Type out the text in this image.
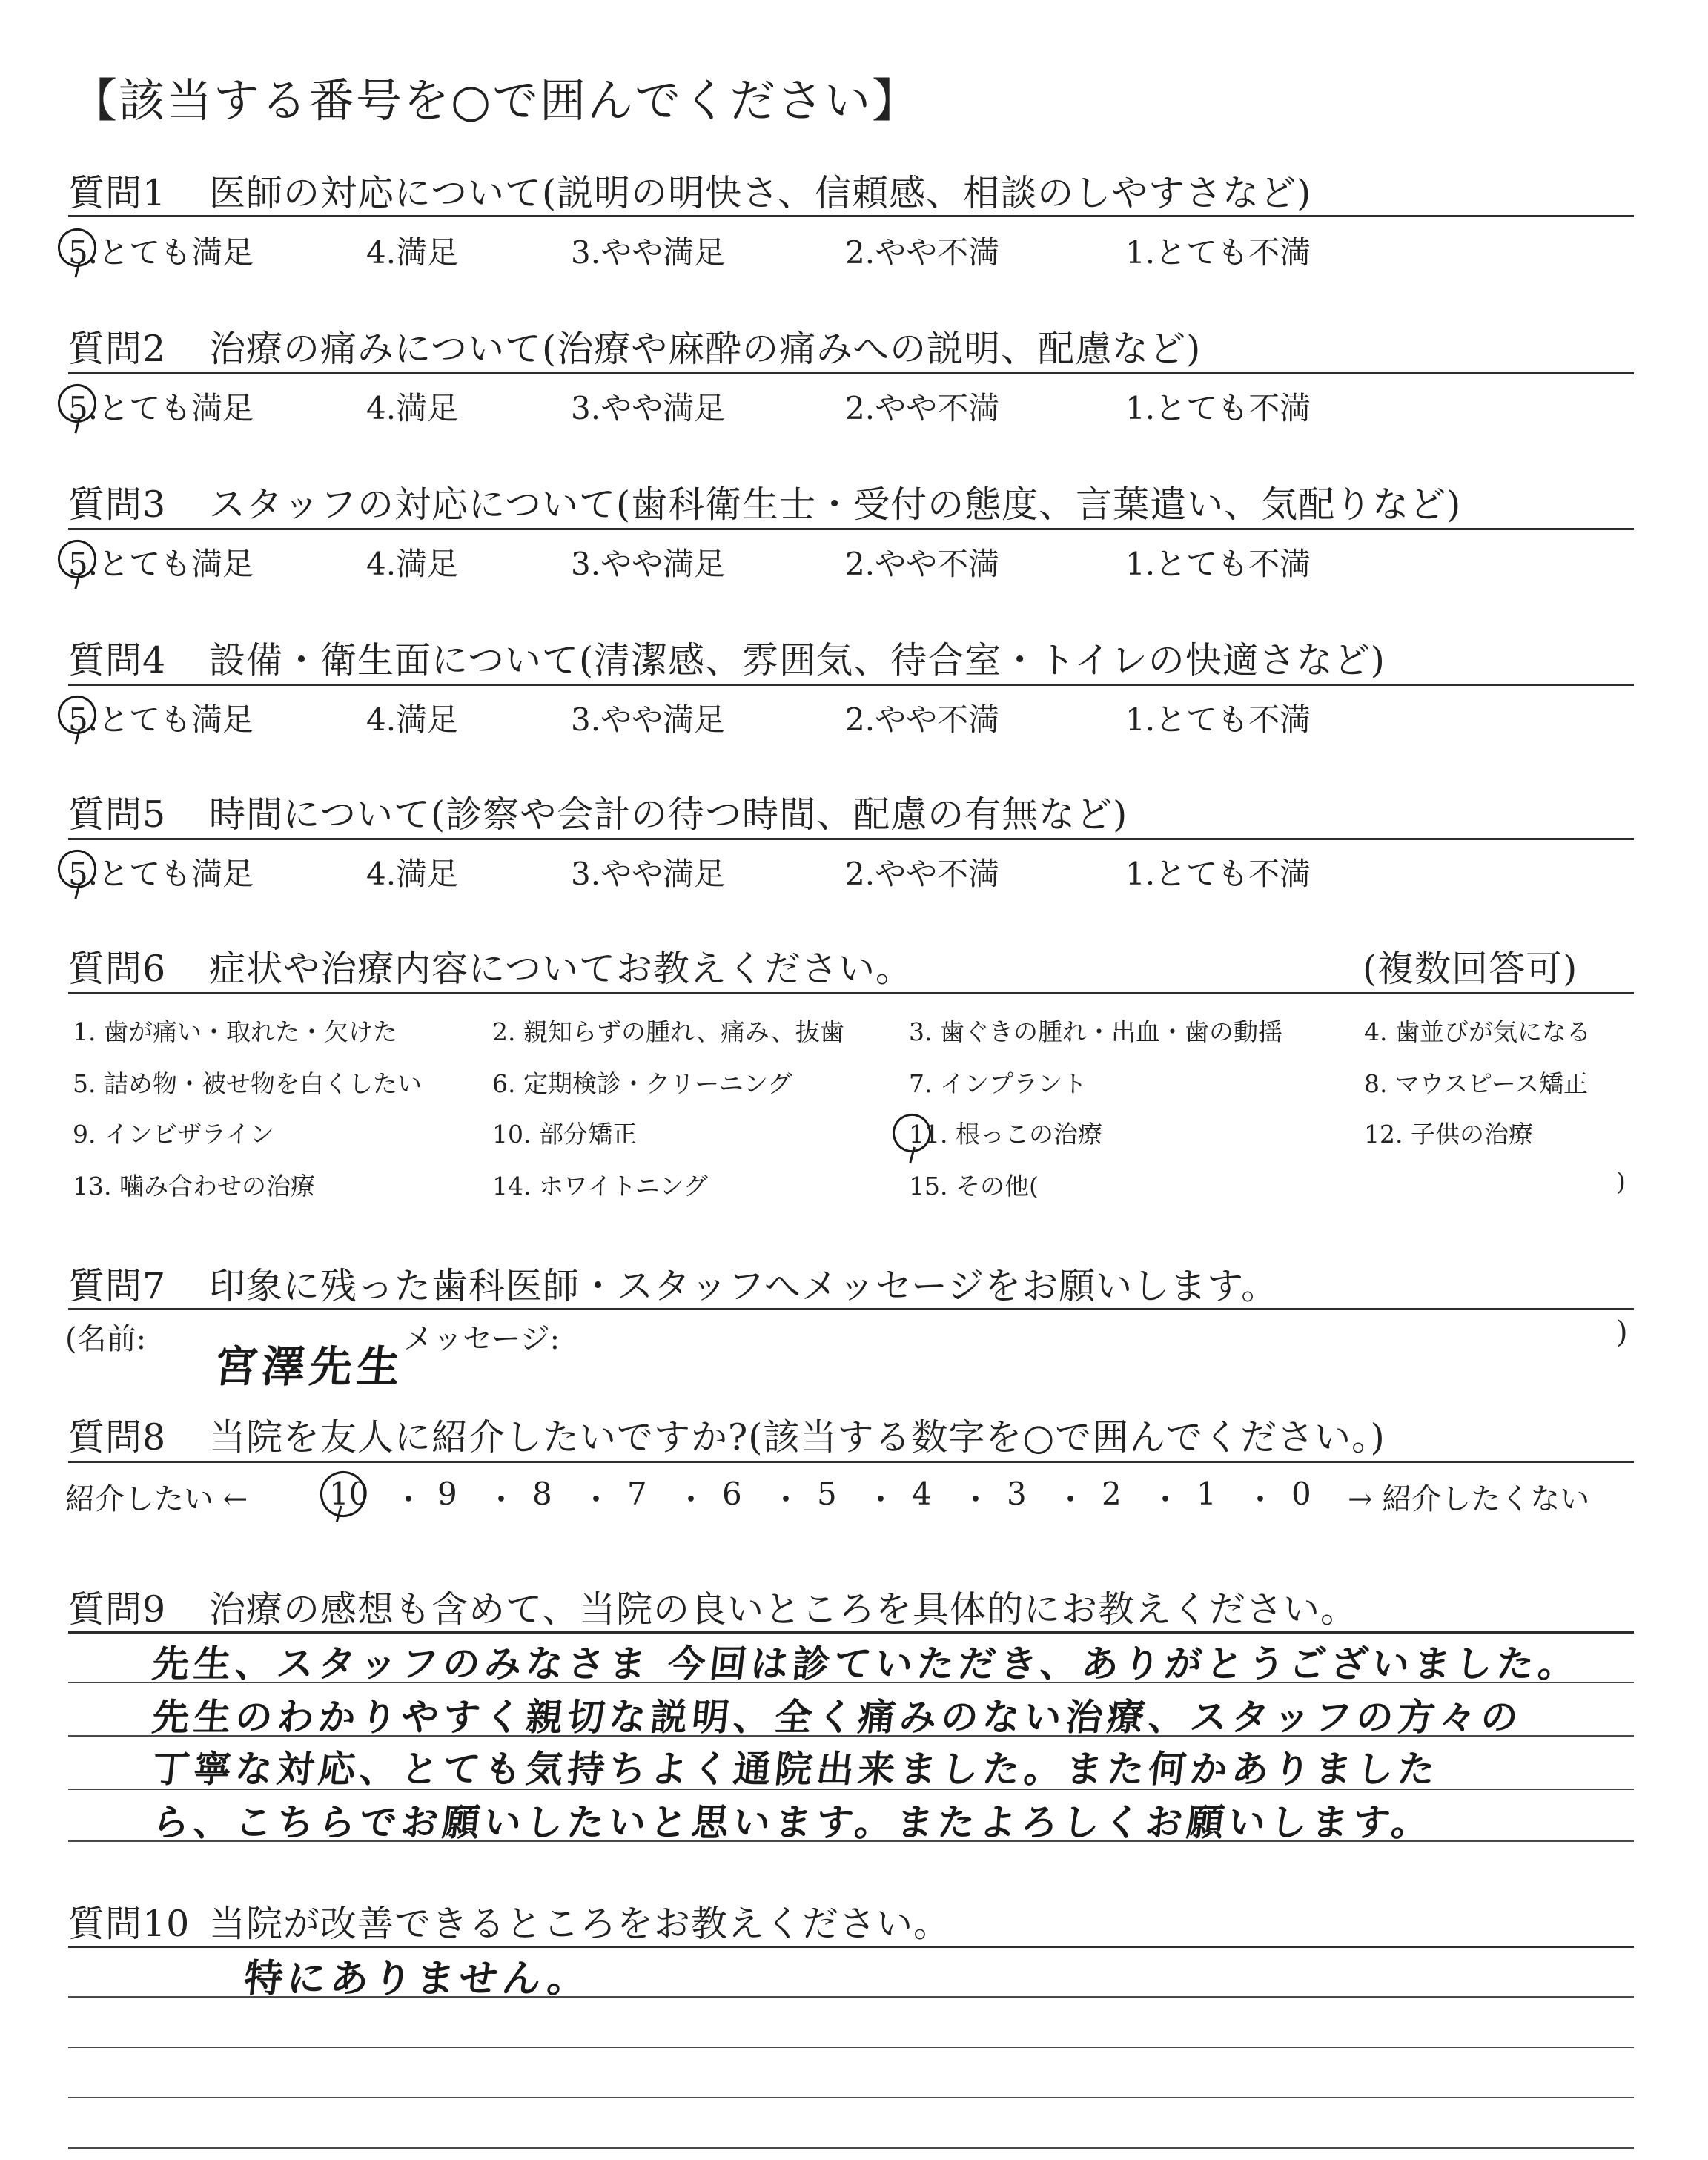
【該当する番号を○で囲んでください】
質問1 医師の対応について(説明の明快さ、信頼感、相談のしやすさなど)
5.とても満足	4.満足	3.やや満足	2.やや不満	1.とても不満
質問2 治療の痛みについて(治療や麻酔の痛みへの説明、配慮など)
5.とても満足	4.満足	3.やや満足	2.やや不満	1.とても不満
質問3 スタッフの対応について(歯科衛生士・受付の態度、言葉遣い、気配りなど)
5.とても満足	4.満足	3.やや満足	2.やや不満	1.とても不満
質問4 設備・衛生面について(清潔感、雰囲気、待合室・トイレの快適さなど)
5.とても満足	4.満足	3.やや満足	2.やや不満	1.とても不満
質問5 時間について(診察や会計の待つ時間、配慮の有無など)
5.とても満足	4.満足	3.やや満足	2.やや不満	1.とても不満
質問6 症状や治療内容についてお教えください。	(複数回答可)
1. 歯が痛い・取れた・欠けた	2. 親知らずの腫れ、痛み、抜歯	3. 歯ぐきの腫れ・出血・歯の動揺	4. 歯並びが気になる
5. 詰め物・被せ物を白くしたい	6. 定期検診・クリーニング	7. インプラント	8. マウスピース矯正
9. インビザライン	10. 部分矯正	11. 根っこの治療	12. 子供の治療
13. 噛み合わせの治療	14. ホワイトニング	15. その他(	)
質問7 印象に残った歯科医師・スタッフへメッセージをお願いします。
(名前:	メッセージ:	)
宮澤先生
質問8 当院を友人に紹介したいですか?(該当する数字を○で囲んでください。)
紹介したい ←	10 9 8 7 6 5 4 3 2 1 0
・ ・ ・ ・ ・ ・ ・ ・ ・ ・ → 紹介したくない
質問9 治療の感想も含めて、当院の良いところを具体的にお教えください。
先生、スタッフのみなさま 今回は診ていただき、ありがとうございました。
先生のわかりやすく親切な説明、全く痛みのない治療、スタッフの方々の
丁寧な対応、とても気持ちよく通院出来ました。また何かありました
ら、こちらでお願いしたいと思います。またよろしくお願いします。
質問10 当院が改善できるところをお教えください。
特にありません。
